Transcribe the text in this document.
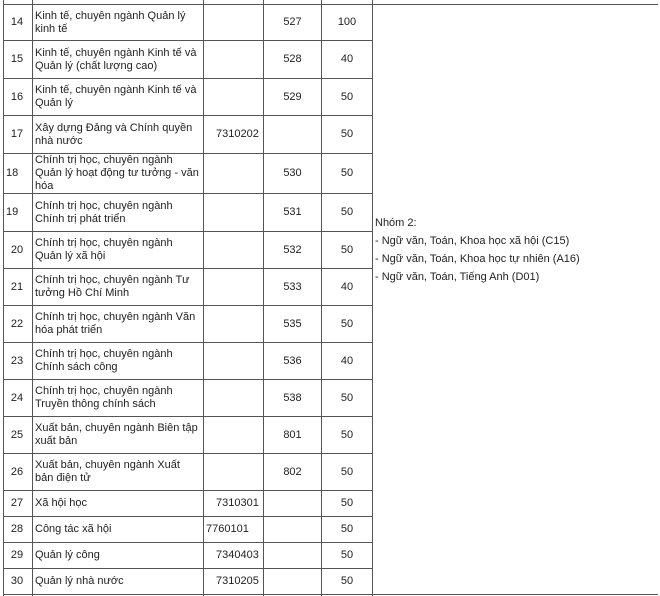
14	Kinh tế, chuyên ngành Quản lý kinh tế		527	100	Nhóm 2:
- Ngữ văn, Toán, Khoa học xã hội (C15)
- Ngữ văn, Toán, Khoa học tự nhiên (A16)
- Ngữ văn, Toán, Tiếng Anh (D01)

15	Kinh tế, chuyên ngành Kinh tế và Quản lý (chất lượng cao)		528	40	
16	Kinh tế, chuyên ngành Kinh tế và Quản lý		529	50	
17	Xây dựng Đảng và Chính quyền nhà nước	7310202		50	
18	Chính trị học, chuyên ngành Quản lý hoạt động tư tưởng - văn hóa		530	50	
19	Chính trị học, chuyên ngành Chính trị phát triển		531	50	
20	Chính trị học, chuyên ngành Quản lý xã hội		532	50	
21	Chính trị học, chuyên ngành Tư tưởng Hồ Chí Minh		533	40	
22	Chính trị học, chuyên ngành Văn hóa phát triển		535	50	
23	Chính trị học, chuyên ngành Chính sách công		536	40	
24	Chính trị học, chuyên ngành Truyền thông chính sách		538	50	
25	Xuất bản, chuyên ngành Biên tập xuất bản		801	50	
26	Xuất bản, chuyên ngành Xuất bản điện tử		802	50	
27	Xã hội học	7310301		50	
28	Công tác xã hội	7760101		50	
29	Quản lý công	7340403		50	
30	Quản lý nhà nước	7310205		50	
